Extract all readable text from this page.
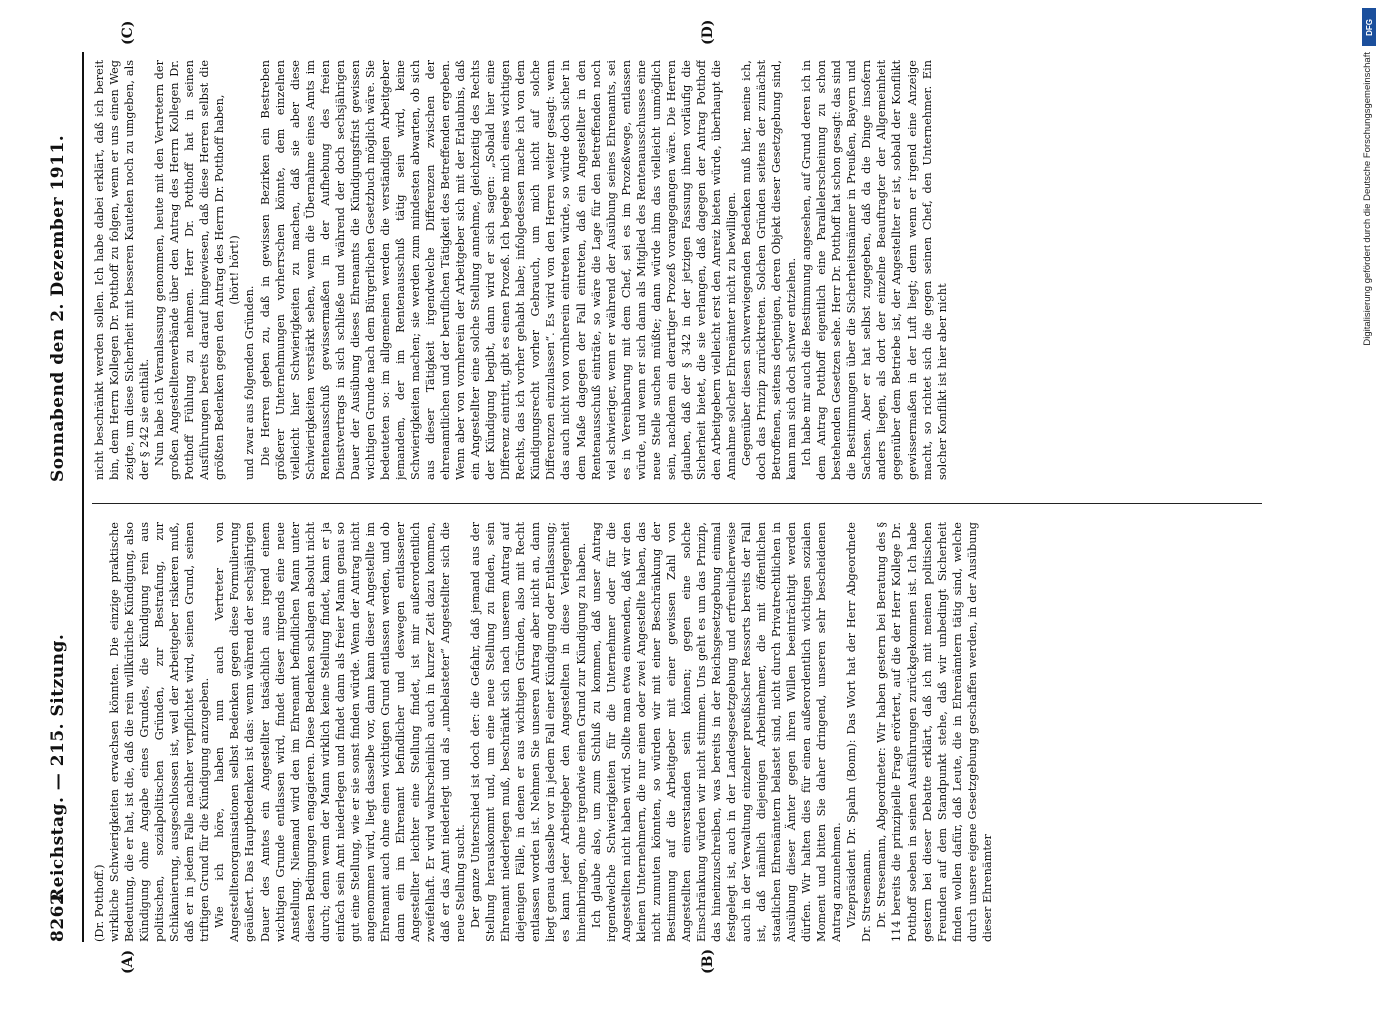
8262
Reichstag. — 215. Sitzung.
Sonnabend den 2. Dezember 1911.
(A)	(B)
(C)	(D)

(Dr. Potthoff.) wirkliche Schwierigkeiten erwachsen könnten. Die einzige praktische Bedeutung, die er hat, ist die, daß die rein willkürliche Kündigung, also Kündigung ohne Angabe eines Grundes, die Kündigung rein aus politischen, sozialpolitischen Gründen, zur Bestrafung, zur Schikanierung, ausgeschlossen ist, weil der Arbeitgeber riskieren muß, daß er in jedem Falle nachher verpflichtet wird, seinen Grund, seinen triftigen Grund für die Kündigung anzugeben. Wie ich höre, haben nun auch Vertreter von Angestelltenorganisationen selbst Bedenken gegen diese Formulierung geäußert. Das Hauptbedenken ist das: wenn während der sechsjährigen Dauer des Amtes ein Angestellter tatsächlich aus irgend einem wichtigen Grunde entlassen wird, findet dieser nirgends eine neue Anstellung. Niemand wird den im Ehrenamt befindlichen Mann unter diesen Bedingungen engagieren. Diese Bedenken schlagen absolut nicht durch; denn wenn der Mann wirklich keine Stellung findet, kann er ja einfach sein Amt niederlegen und findet dann als freier Mann genau so gut eine Stellung, wie er sie sonst finden würde. Wenn der Antrag nicht angenommen wird, liegt dasselbe vor, dann kann dieser Angestellte im Ehrenamt auch ohne einen wichtigen Grund entlassen werden, und ob dann ein im Ehrenamt befindlicher und deswegen entlassener Angestellter leichter eine Stellung findet, ist mir außerordentlich zweifelhaft. Er wird wahrscheinlich auch in kurzer Zeit dazu kommen, daß er das Amt niederlegt und als „unbelasteter“ Angestellter sich die neue Stellung sucht. Der ganze Unterschied ist doch der: die Gefahr, daß jemand aus der Stellung herauskommt und, um eine neue Stellung zu finden, sein Ehrenamt niederlegen muß, beschränkt sich nach unserem Antrag auf diejenigen Fälle, in denen er aus wichtigen Gründen, also mit Recht entlassen worden ist. Nehmen Sie unseren Antrag aber nicht an, dann liegt genau dasselbe vor in jedem Fall einer Kündigung oder Entlassung; es kann jeder Arbeitgeber den Angestellten in diese Verlegenheit hineinbringen, ohne irgendwie einen Grund zur Kündigung zu haben. Ich glaube also, um zum Schluß zu kommen, daß unser Antrag irgendwelche Schwierigkeiten für die Unternehmer oder für die Angestellten nicht haben wird. Sollte man etwa einwenden, daß wir den kleinen Unternehmern, die nur einen oder zwei Angestellte haben, das nicht zumuten könnten, so würden wir mit einer Beschränkung der Bestimmung auf die Arbeitgeber mit einer gewissen Zahl von Angestellten einverstanden sein können; gegen eine solche Einschränkung würden wir nicht stimmen. Uns geht es um das Prinzip, das hineinzuschreiben, was bereits in der Reichsgesetzgebung einmal festgelegt ist, auch in der Landesgesetzgebung und erfreulicherweise auch in der Verwaltung einzelner preußischer Ressorts bereits der Fall ist, daß nämlich diejenigen Arbeitnehmer, die mit öffentlichen staatlichen Ehrenämtern belastet sind, nicht durch Privatrechtlichen in Ausübung dieser Ämter gegen ihren Willen beeinträchtigt werden dürfen. Wir halten dies für einen außerordentlich wichtigen sozialen Moment und bitten Sie daher dringend, unseren sehr bescheidenen Antrag anzunehmen. Vizepräsident Dr. Spahn (Bonn): Das Wort hat der Herr Abgeordnete Dr. Stresemann. Dr. Stresemann, Abgeordneter: Wir haben gestern bei Beratung des § 114 bereits die prinzipielle Frage erörtert, auf die der Herr Kollege Dr. Potthoff soeben in seinen Ausführungen zurückgekommen ist. Ich habe gestern bei dieser Debatte erklärt, daß ich mit meinen politischen Freunden auf dem Standpunkt stehe, daß wir unbedingt Sicherheit finden wollen dafür, daß Leute, die in Ehrenämtern tätig sind, welche durch unsere eigene Gesetzgebung geschaffen werden, in der Ausübung dieser Ehrenämter

nicht beschränkt werden sollen. Ich habe dabei erklärt, daß ich bereit bin, dem Herrn Kollegen Dr. Potthoff zu folgen, wenn er uns einen Weg zeigte, um diese Sicherheit mit besseren Kautelen noch zu umgeben, als der § 242 sie enthält. Nun habe ich Veranlassung genommen, heute mit den Vertretern der großen Angestelltenverbände über den Antrag des Herrn Kollegen Dr. Potthoff Fühlung zu nehmen. Herr Dr. Potthoff hat in seinen Ausführungen bereits darauf hingewiesen, daß diese Herren selbst die größten Bedenken gegen den Antrag des Herrn Dr. Potthoff haben, (hört! hört!)

und zwar aus folgenden Gründen. Die Herren geben zu, daß in gewissen Bezirken ein Bestreben größerer Unternehmungen vorherrschen könnte, dem einzelnen vielleicht hier Schwierigkeiten zu machen, daß sie aber diese Schwierigkeiten verstärkt sehen, wenn die Übernahme eines Amts im Rentenausschuß gewissermaßen in der Aufhebung des freien Dienstvertrags in sich schließe und während der doch sechsjährigen Dauer der Ausübung dieses Ehrenamts die Kündigungsfrist gewissen wichtigen Grunde nach dem Bürgerlichen Gesetzbuch möglich wäre. Sie bedeuteten so: im allgemeinen werden die verständigen Arbeitgeber jemandem, der im Rentenausschuß tätig sein wird, keine Schwierigkeiten machen; sie werden zum mindesten abwarten, ob sich aus dieser Tätigkeit irgendwelche Differenzen zwischen der ehrenamtlichen und der beruflichen Tätigkeit des Betreffenden ergeben. Wenn aber von vornherein der Arbeitgeber sich mit der Erlaubnis, daß ein Angestellter eine solche Stellung annehme, gleichzeitig des Rechts der Kündigung begibt, dann wird er sich sagen: „Sobald hier eine Differenz eintritt, gibt es einen Prozeß. Ich begebe mich eines wichtigen Rechts, das ich vorher gehabt habe; infolgedessen mache ich von dem Kündigungsrecht vorher Gebrauch, um mich nicht auf solche Differenzen einzulassen“. Es wird von den Herren weiter gesagt: wenn das auch nicht von vornherein eintreten würde, so würde doch sicher in dem Maße dagegen der Fall eintreten, daß ein Angestellter in den Rentenausschuß einträte, so wäre die Lage für den Betreffenden noch viel schwieriger, wenn er während der Ausübung seines Ehrenamts, sei es in Vereinbarung mit dem Chef, sei es im Prozeßwege, entlassen würde, und wenn er sich dann als Mitglied des Rentenausschusses eine neue Stelle suchen müßte; dann würde ihm das vielleicht unmöglich sein, nachdem ein derartiger Prozeß vorangegangen wäre. Die Herren glauben, daß der § 342 in der jetzigen Fassung ihnen vorläufig die Sicherheit bietet, die sie verlangen, daß dagegen der Antrag Potthoff den Arbeitgebern vielleicht erst den Anreiz bieten würde, überhaupt die Annahme solcher Ehrenämter nicht zu bewilligen. Gegenüber diesen schwerwiegenden Bedenken muß hier, meine ich, doch das Prinzip zurücktreten. Solchen Gründen seitens der zunächst Betroffenen, seitens derjenigen, deren Objekt dieser Gesetzgebung sind, kann man sich doch schwer entziehen. Ich habe mir auch die Bestimmung angesehen, auf Grund deren ich in dem Antrag Potthoff eigentlich eine Parallelerscheinung zu schon bestehenden Gesetzen sehe. Herr Dr. Potthoff hat schon gesagt: das sind die Bestimmungen über die Sicherheitsmänner in Preußen, Bayern und Sachsen. Aber er hat selbst zugegeben, daß da die Dinge insofern anders liegen, als dort der einzelne Beauftragter der Allgemeinheit gegenüber dem Betriebe ist, der Angestellter er ist, sobald der Konflikt gewissermaßen in der Luft liegt; denn wenn er irgend eine Anzeige macht, so richtet sich die gegen seinen Chef, den Unternehmer. Ein solcher Konflikt ist hier aber nicht

DFG
Digitalisierung gefördert durch die Deutsche Forschungsgemeinschaft
